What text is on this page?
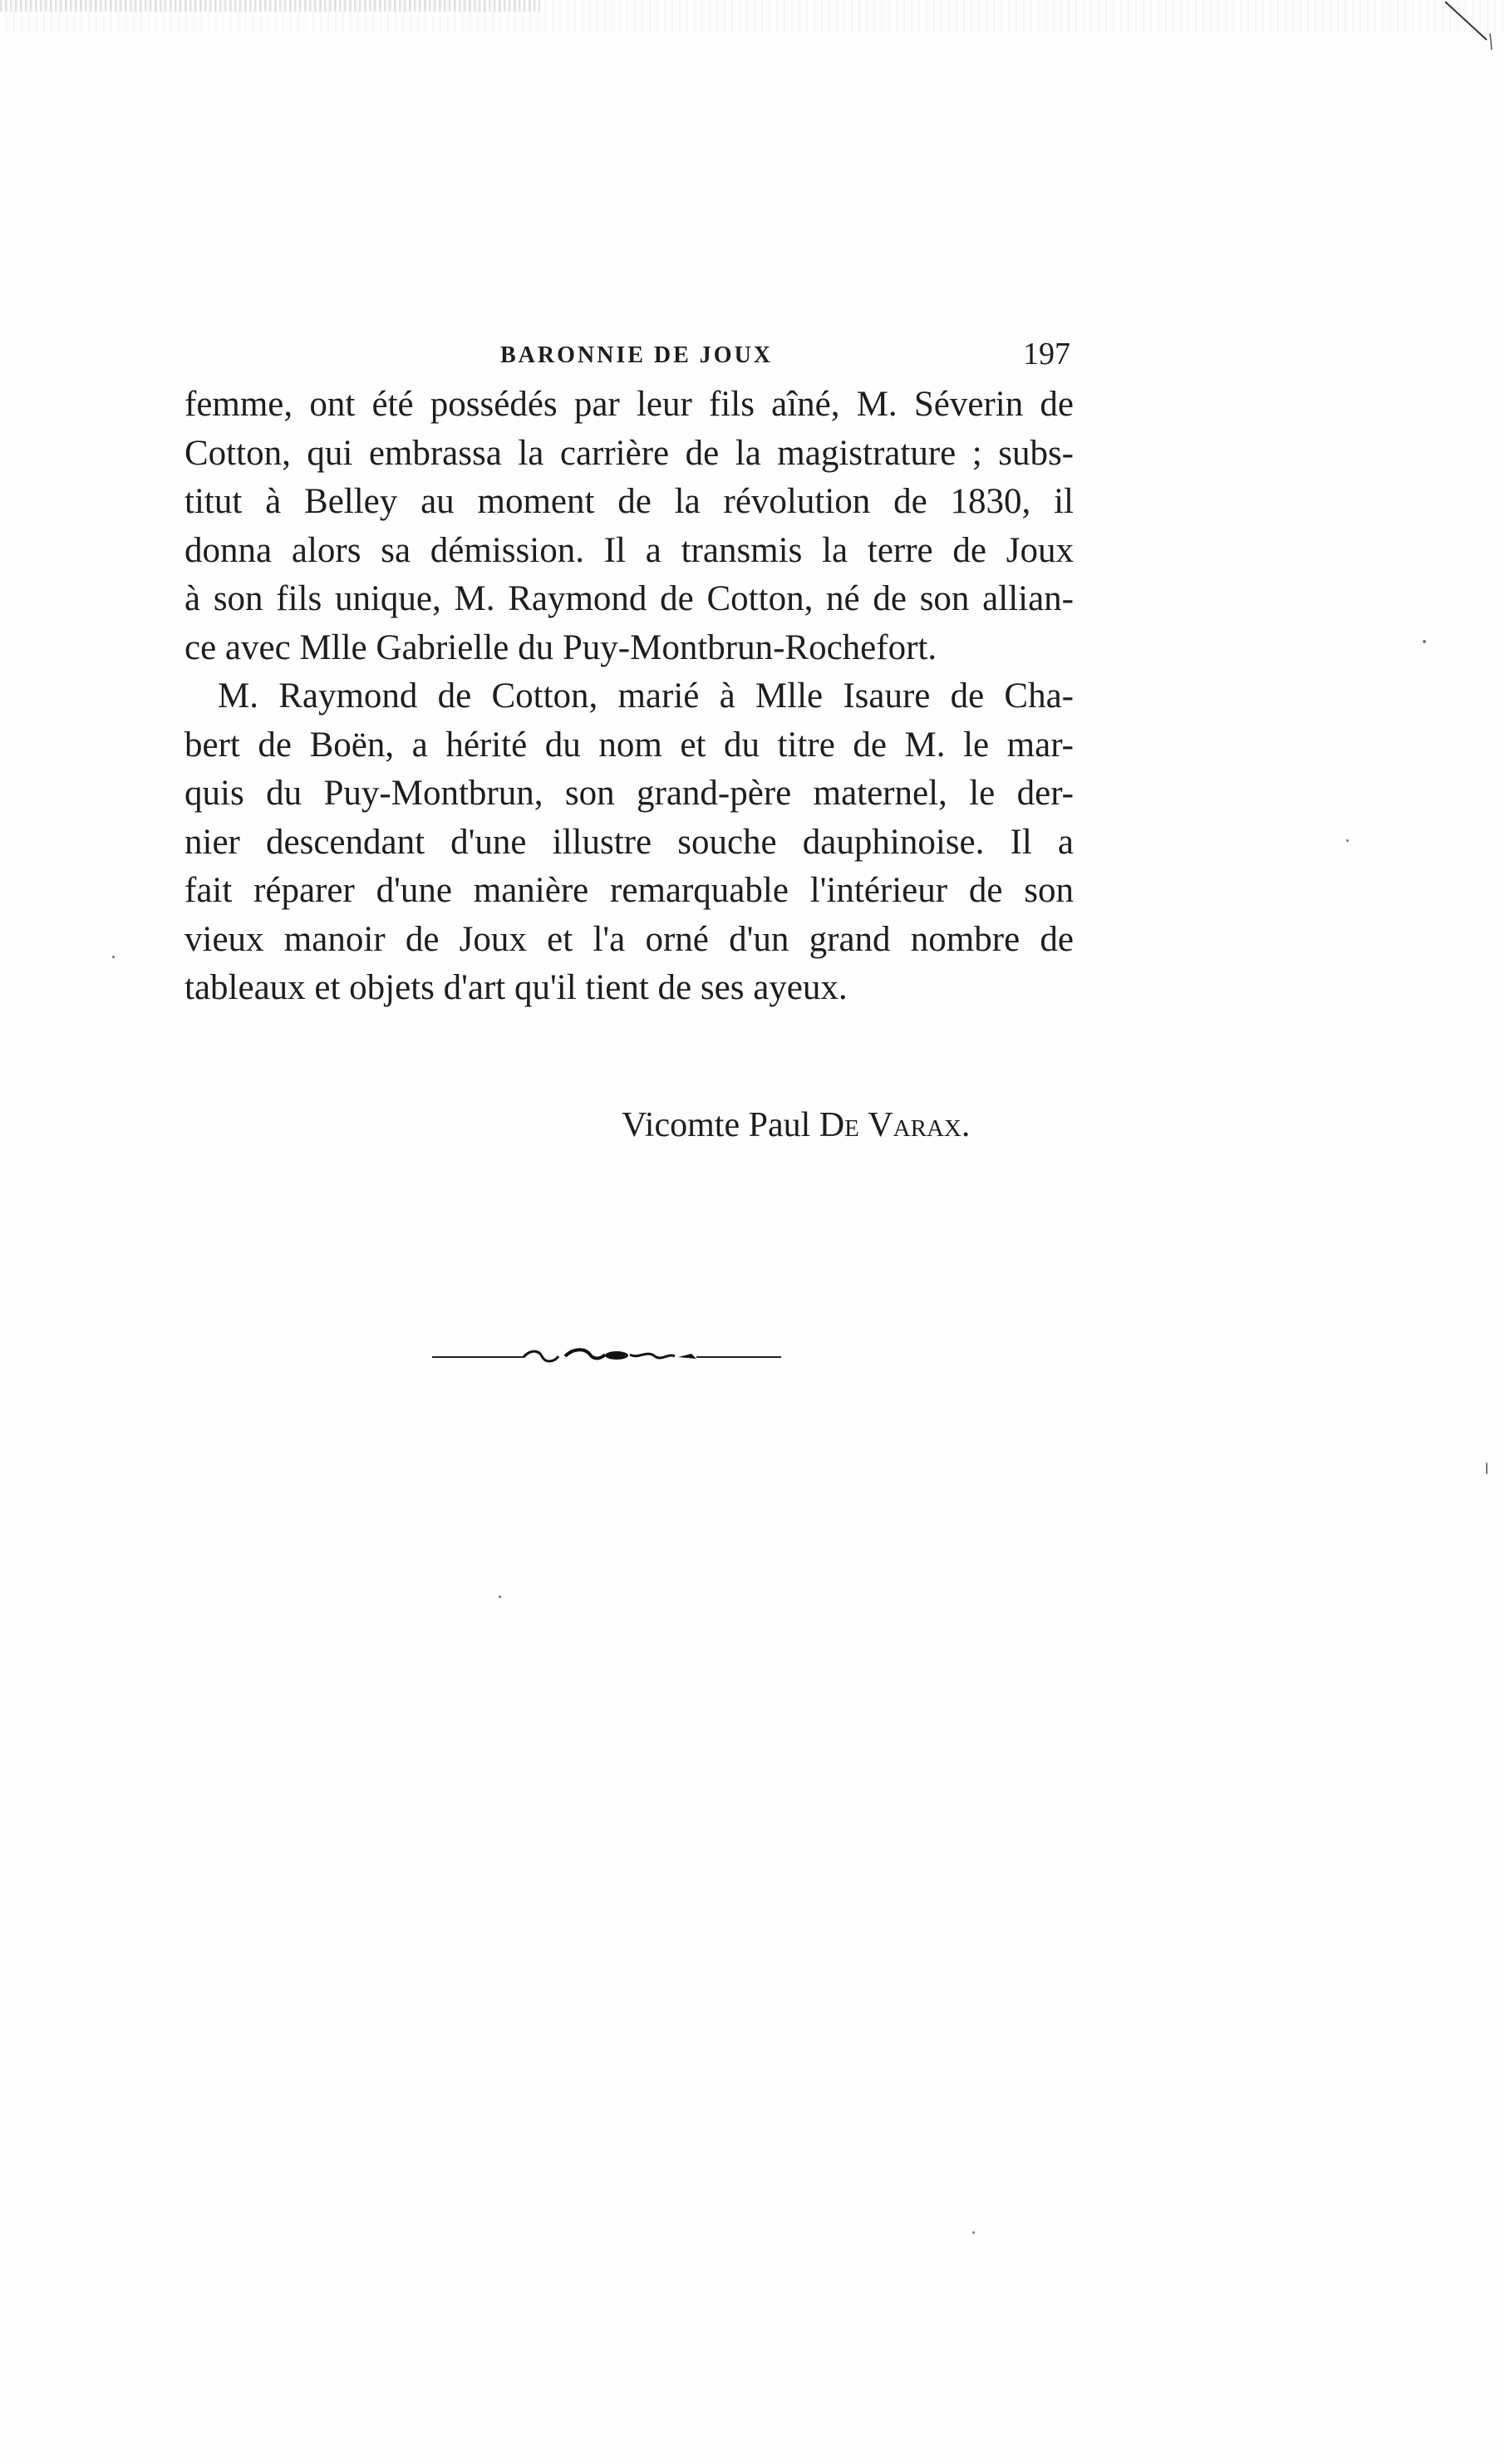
BARONNIE DE JOUX	197
femme, ont été possédés par leur fils aîné, M. Séverin de
Cotton, qui embrassa la carrière de la magistrature ; subs-
titut à Belley au moment de la révolution de 1830, il
donna alors sa démission. Il a transmis la terre de Joux
à son fils unique, M. Raymond de Cotton, né de son allian-
ce avec Mlle Gabrielle du Puy-Montbrun-Rochefort.
M. Raymond de Cotton, marié à Mlle Isaure de Cha-
bert de Boën, a hérité du nom et du titre de M. le mar-
quis du Puy-Montbrun, son grand-père maternel, le der-
nier descendant d'une illustre souche dauphinoise. Il a
fait réparer d'une manière remarquable l'intérieur de son
vieux manoir de Joux et l'a orné d'un grand nombre de
tableaux et objets d'art qu'il tient de ses ayeux.
Vicomte Paul De Varax.
